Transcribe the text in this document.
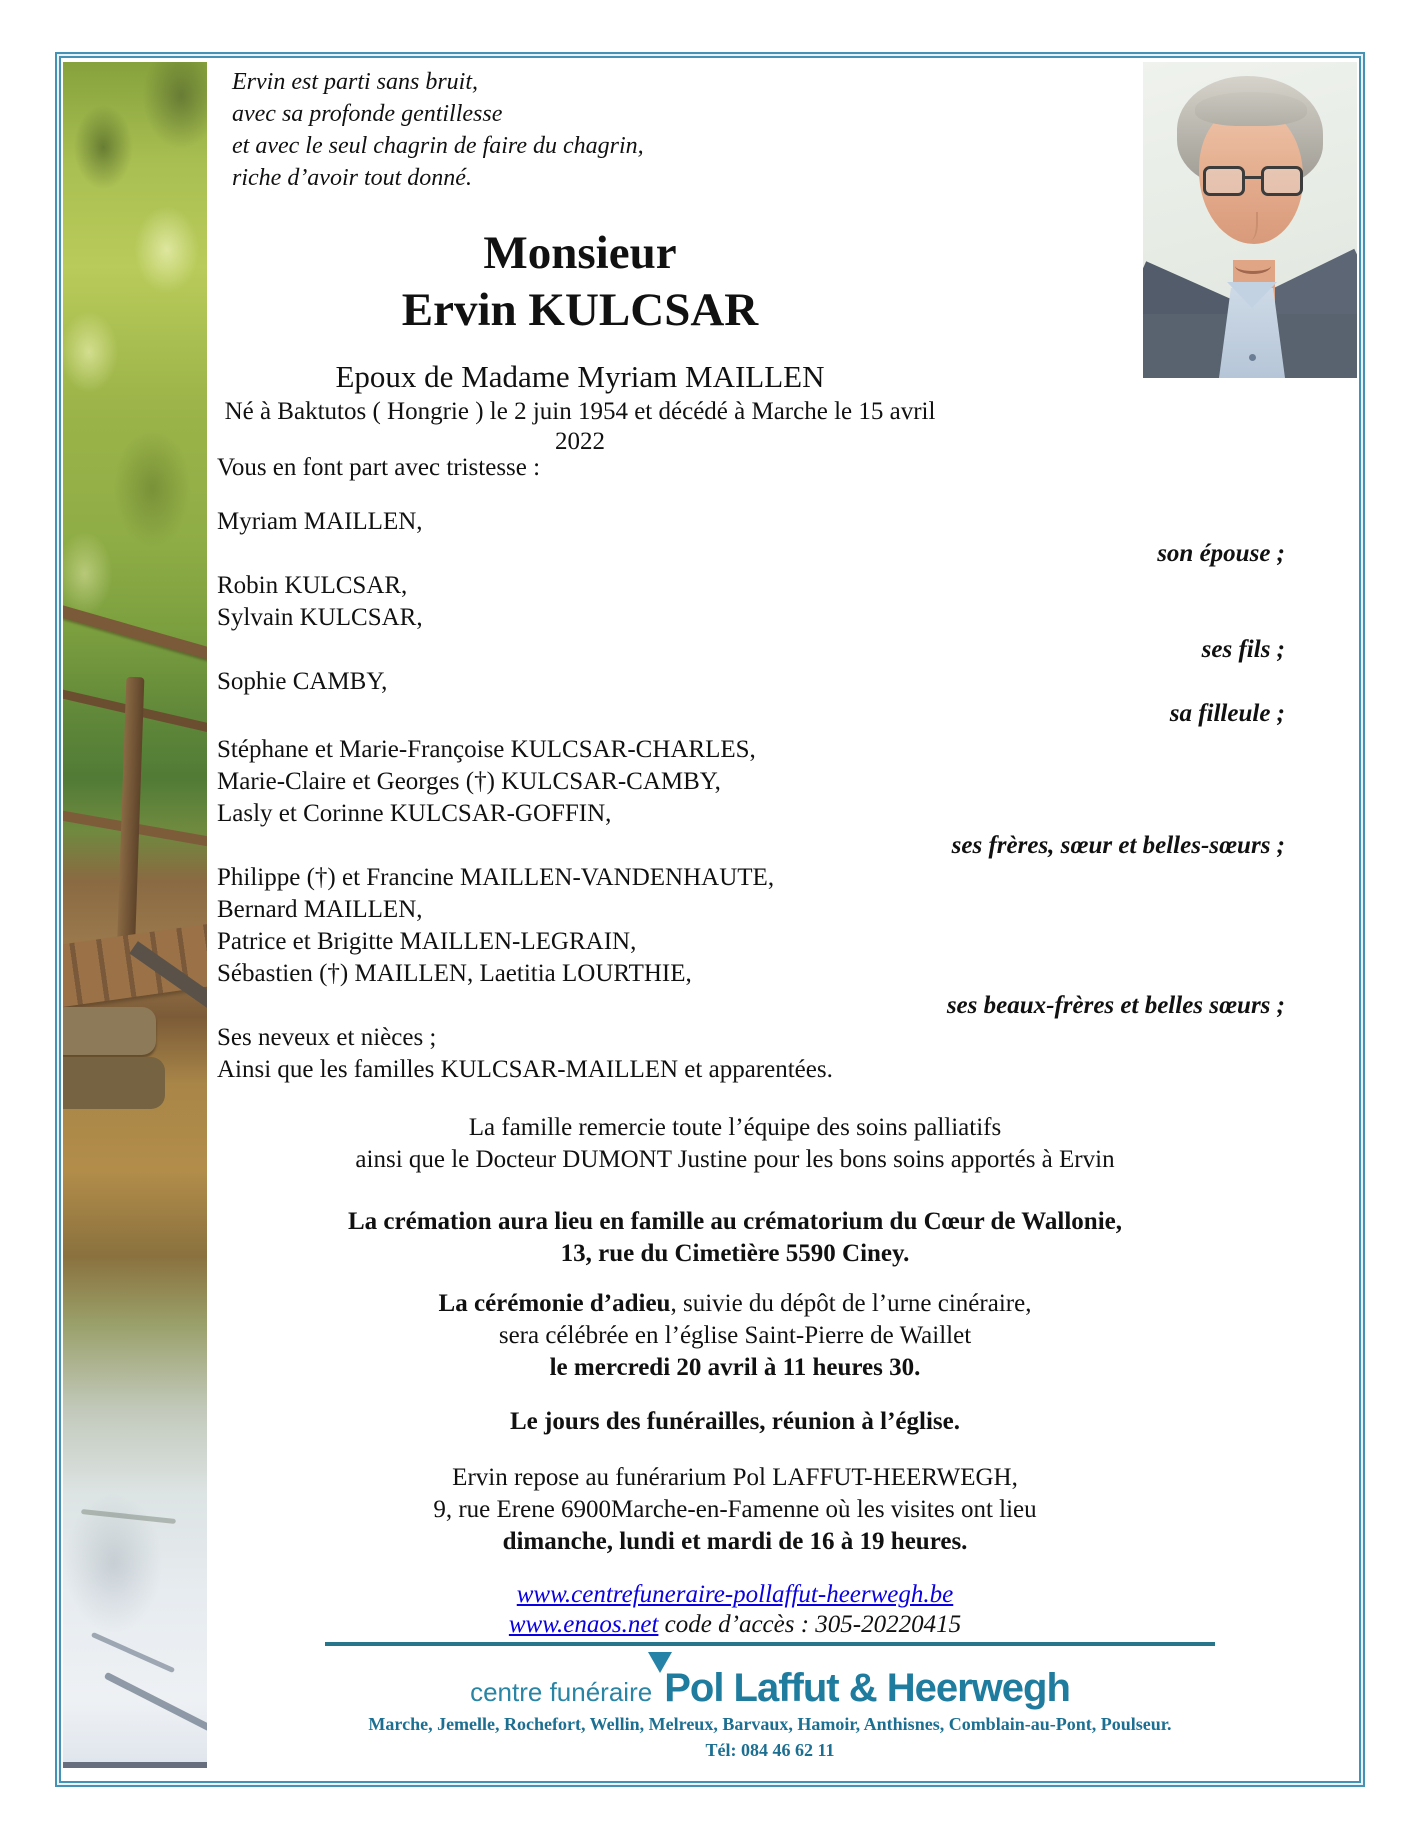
Ervin est parti sans bruit,
avec sa profonde gentillesse
et avec le seul chagrin de faire du chagrin,
riche d’avoir tout donné.
Monsieur
Ervin KULCSAR
Epoux de Madame Myriam MAILLEN
Né à Baktutos ( Hongrie ) le 2 juin 1954 et décédé à Marche le 15 avril 2022
Vous en font part avec tristesse :
Myriam MAILLEN,
son épouse ;
Robin KULCSAR,
Sylvain KULCSAR,
ses fils ;
Sophie CAMBY,
sa filleule ;
Stéphane et Marie-Françoise KULCSAR-CHARLES,
Marie-Claire et Georges (†) KULCSAR-CAMBY,
Lasly et Corinne KULCSAR-GOFFIN,
ses frères, sœur et belles-sœurs ;
Philippe (†) et Francine MAILLEN-VANDENHAUTE,
Bernard MAILLEN,
Patrice et Brigitte MAILLEN-LEGRAIN,
Sébastien (†) MAILLEN, Laetitia LOURTHIE,
ses beaux-frères et belles sœurs ;
Ses neveux et nièces ;
Ainsi que les familles KULCSAR-MAILLEN et apparentées.
La famille remercie toute l’équipe des soins palliatifs
ainsi que le Docteur DUMONT Justine pour les bons soins apportés à Ervin
La crémation aura lieu en famille au crématorium du Cœur de Wallonie,
13, rue du Cimetière 5590 Ciney.
La cérémonie d’adieu, suivie du dépôt de l’urne cinéraire,
sera célébrée en l’église Saint-Pierre de Waillet
le mercredi 20 avril à 11 heures 30.
Le jours des funérailles, réunion à l’église.
Ervin repose au funérarium Pol LAFFUT-HEERWEGH,
9, rue Erene 6900Marche-en-Famenne où les visites ont lieu
dimanche, lundi et mardi de 16 à 19 heures.
www.centrefuneraire-pollaffut-heerwegh.be
www.enaos.net code d’accès : 305-20220415
centre funéraire Pol Laffut & Heerwegh
Marche, Jemelle, Rochefort, Wellin, Melreux, Barvaux, Hamoir, Anthisnes, Comblain-au-Pont, Poulseur.
Tél: 084 46 62 11
